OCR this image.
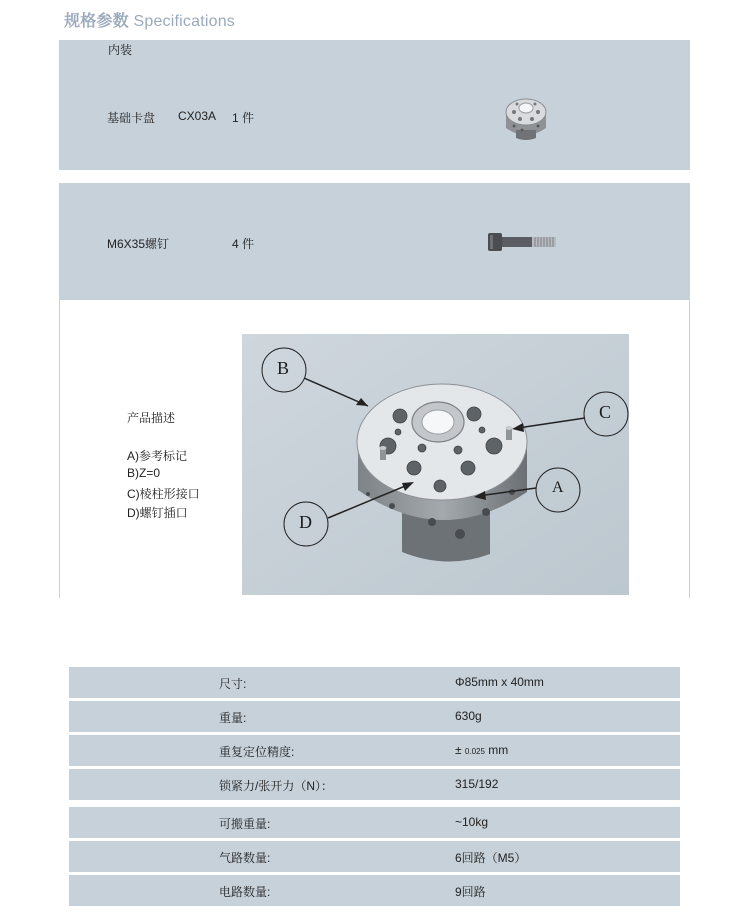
规格参数 Specifications
内装
基础卡盘 CX03A 1 件
M6X35螺钉	4 件
产品描述
A)参考标记
B)Z=0
C)棱柱形接口
D)螺钉插口
B
C
A
D
尺寸:	Φ85mm x 40mm
重量:	630g
重复定位精度:	± 0.025 mm
锁紧力/张开力（N）：	315/192
可搬重量:	~10kg
气路数量:	6回路（M5）
电路数量:	9回路
